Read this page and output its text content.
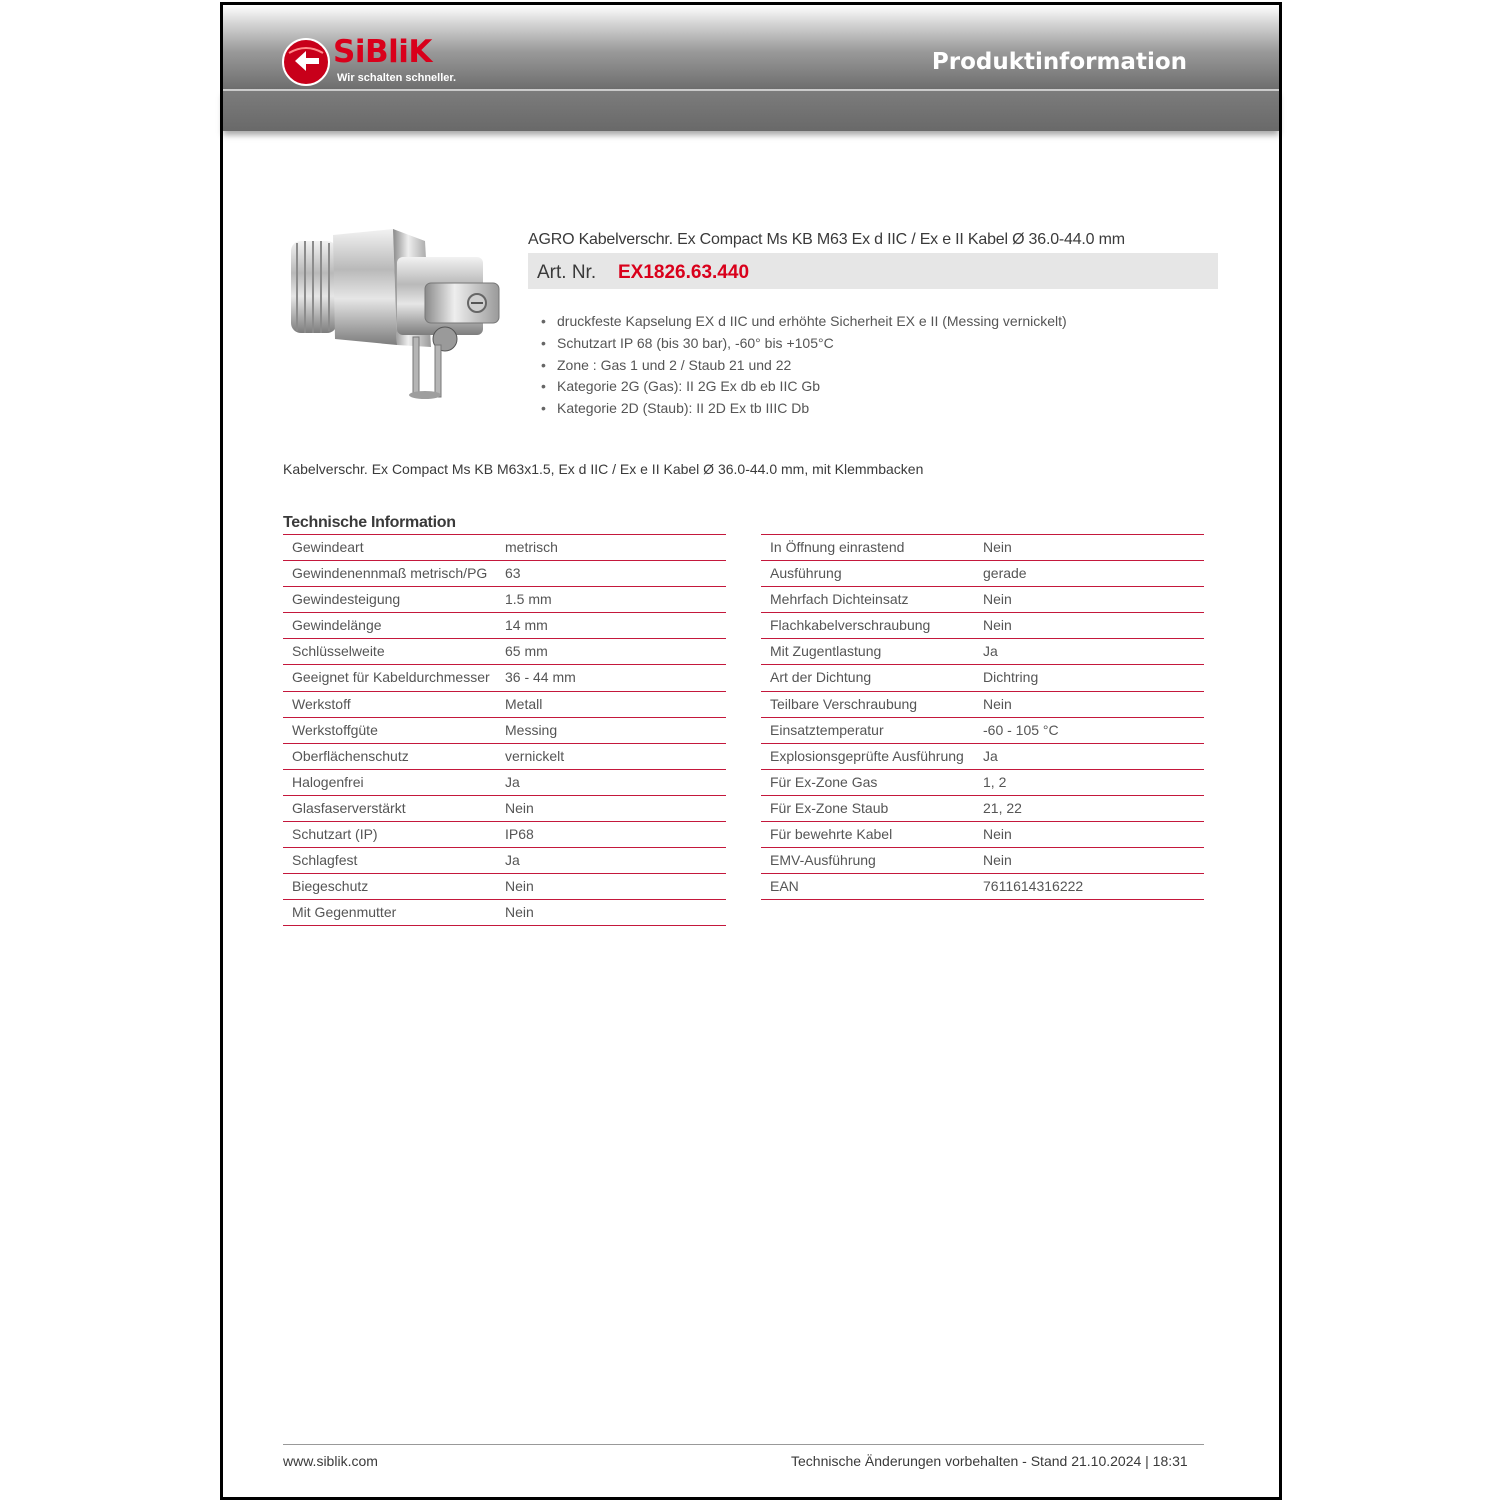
SiBliK
Wir schalten schneller.
Produktinformation
AGRO Kabelverschr. Ex Compact Ms KB M63 Ex d IIC / Ex e II Kabel Ø 36.0-44.0 mm
Art. Nr. EX1826.63.440
• druckfeste Kapselung EX d IIC und erhöhte Sicherheit EX e II (Messing vernickelt)
• Schutzart IP 68 (bis 30 bar), -60° bis +105°C
• Zone : Gas 1 und 2 / Staub 21 und 22
• Kategorie 2G (Gas): II 2G Ex db eb IIC Gb
• Kategorie 2D (Staub): II 2D Ex tb IIIC Db
Kabelverschr. Ex Compact Ms KB M63x1.5, Ex d IIC / Ex e II Kabel Ø 36.0-44.0 mm, mit Klemmbacken
Technische Information
Gewindeart	metrisch
Gewindenennmaß metrisch/PG 63
Gewindesteigung	1.5 mm
Gewindelänge	14 mm
Schlüsselweite	65 mm
Geeignet für Kabeldurchmesser 36 - 44 mm
Werkstoff	Metall
Werkstoffgüte	Messing
Oberflächenschutz	vernickelt
Halogenfrei	Ja
Glasfaserverstärkt	Nein
Schutzart (IP)	IP68
Schlagfest	Ja
Biegeschutz	Nein
Mit Gegenmutter	Nein
In Öffnung einrastend	Nein
Ausführung	gerade
Mehrfach Dichteinsatz	Nein
Flachkabelverschraubung	Nein
Mit Zugentlastung	Ja
Art der Dichtung	Dichtring
Teilbare Verschraubung	Nein
Einsatztemperatur	-60 - 105 °C
Explosionsgeprüfte Ausführung Ja
Für Ex-Zone Gas	1, 2
Für Ex-Zone Staub	21, 22
Für bewehrte Kabel	Nein
EMV-Ausführung	Nein
EAN	7611614316222
www.siblik.com	Technische Änderungen vorbehalten - Stand 21.10.2024 | 18:31
